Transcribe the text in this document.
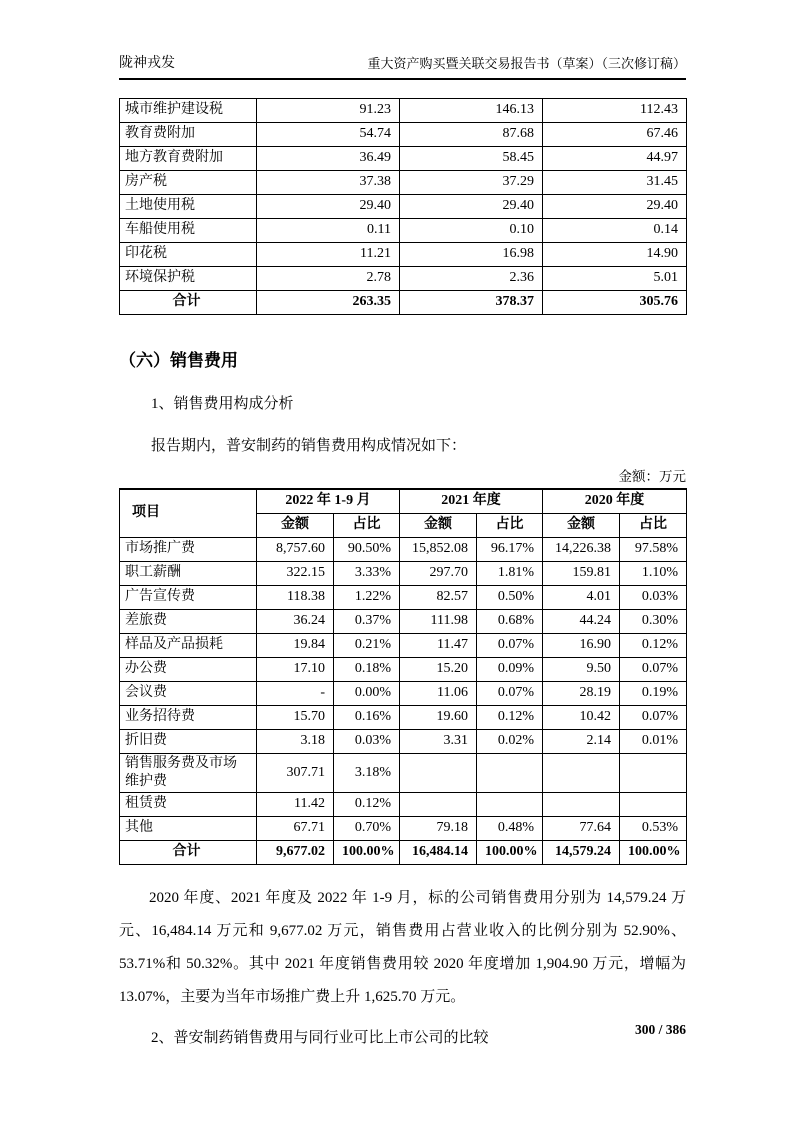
陇神戎发	重大资产购买暨关联交易报告书（草案）（三次修订稿）
城市维护建设税	91.23	146.13	112.43
教育费附加	54.74	87.68	67.46
地方教育费附加	36.49	58.45	44.97
房产税	37.38	37.29	31.45
土地使用税	29.40	29.40	29.40
车船使用税	0.11	0.10	0.14
印花税	11.21	16.98	14.90
环境保护税	2.78	2.36	5.01
合计	263.35	378.37	305.76
（六）销售费用
1、销售费用构成分析
报告期内，普安制药的销售费用构成情况如下：
金额：万元
项目	2022 年 1-9 月		2021 年度		2020 年度	
	金额	占比	金额	占比	金额	占比
市场推广费	8,757.60	90.50%	15,852.08	96.17%	14,226.38	97.58%
职工薪酬	322.15	3.33%	297.70	1.81%	159.81	1.10%
广告宣传费	118.38	1.22%	82.57	0.50%	4.01	0.03%
差旅费	36.24	0.37%	111.98	0.68%	44.24	0.30%
样品及产品损耗	19.84	0.21%	11.47	0.07%	16.90	0.12%
办公费	17.10	0.18%	15.20	0.09%	9.50	0.07%
会议费	-	0.00%	11.06	0.07%	28.19	0.19%
业务招待费	15.70	0.16%	19.60	0.12%	10.42	0.07%
折旧费	3.18	0.03%	3.31	0.02%	2.14	0.01%
销售服务费及市场维护费	307.71	3.18%				
租赁费	11.42	0.12%				
其他	67.71	0.70%	79.18	0.48%	77.64	0.53%
合计	9,677.02	100.00%	16,484.14	100.00%	14,579.24	100.00%
2020 年度、2021 年度及 2022 年 1-9 月，标的公司销售费用分别为 14,579.24 万元、16,484.14 万元和 9,677.02 万元，销售费用占营业收入的比例分别为 52.90%、53.71%和 50.32%。其中 2021 年度销售费用较 2020 年度增加 1,904.90 万元，增幅为 13.07%，主要为当年市场推广费上升 1,625.70 万元。
2、普安制药销售费用与同行业可比上市公司的比较
300 / 386
